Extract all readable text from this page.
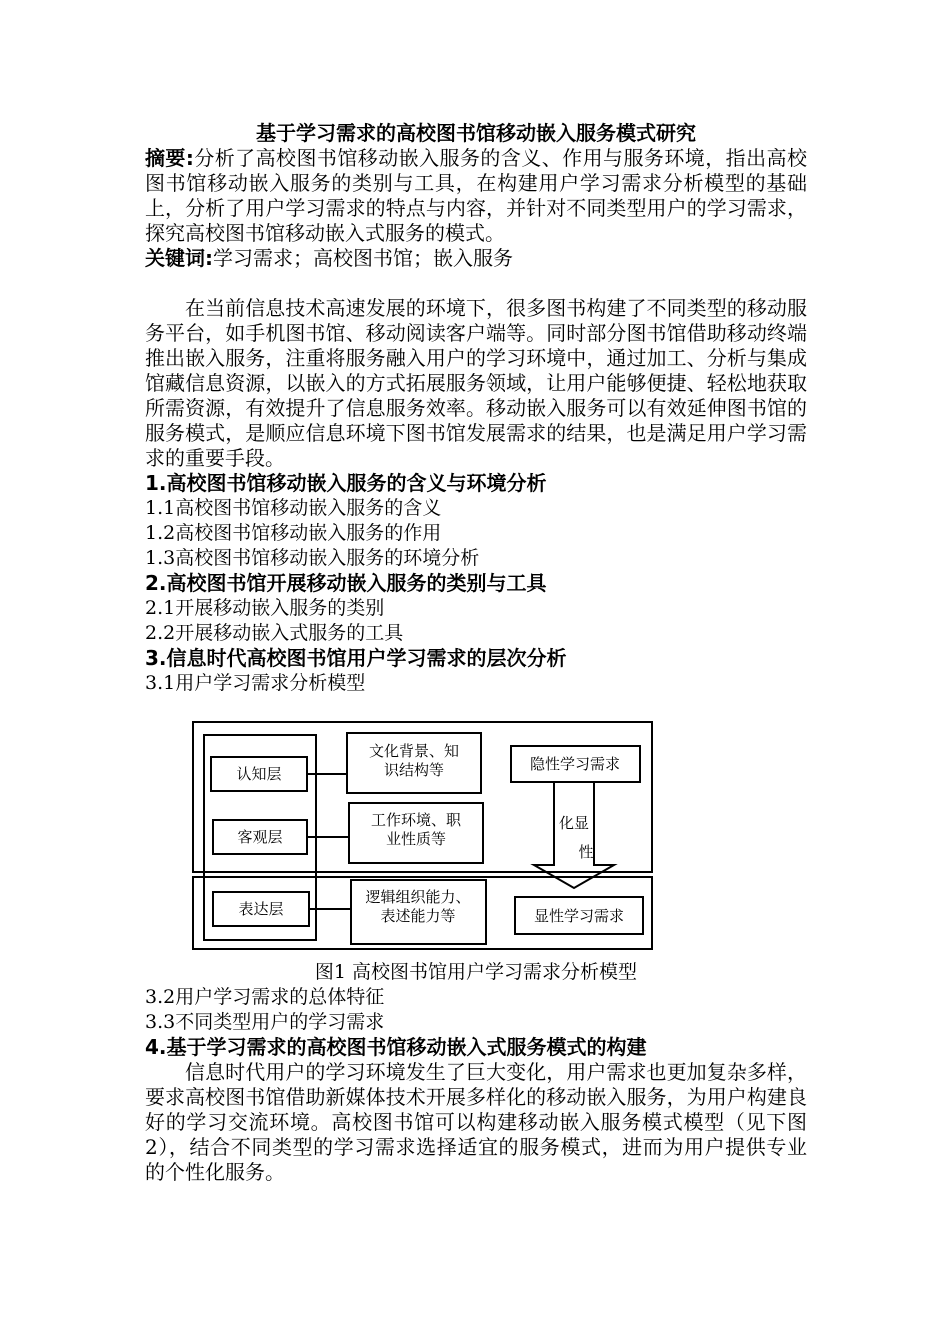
基于学习需求的高校图书馆移动嵌入服务模式研究

摘要:分析了高校图书馆移动嵌入服务的含义、作用与服务环境，指出高校图书馆移动嵌入服务的类别与工具，在构建用户学习需求分析模型的基础上，分析了用户学习需求的特点与内容，并针对不同类型用户的学习需求，探究高校图书馆移动嵌入式服务的模式。

关键词:学习需求；高校图书馆；嵌入服务

在当前信息技术高速发展的环境下，很多图书构建了不同类型的移动服务平台，如手机图书馆、移动阅读客户端等。同时部分图书馆借助移动终端推出嵌入服务，注重将服务融入用户的学习环境中，通过加工、分析与集成馆藏信息资源，以嵌入的方式拓展服务领域，让用户能够便捷、轻松地获取所需资源，有效提升了信息服务效率。移动嵌入服务可以有效延伸图书馆的服务模式，是顺应信息环境下图书馆发展需求的结果，也是满足用户学习需求的重要手段。

1.高校图书馆移动嵌入服务的含义与环境分析
1.1高校图书馆移动嵌入服务的含义
1.2高校图书馆移动嵌入服务的作用
1.3高校图书馆移动嵌入服务的环境分析
2.高校图书馆开展移动嵌入服务的类别与工具
2.1开展移动嵌入服务的类别
2.2开展移动嵌入式服务的工具
3.信息时代高校图书馆用户学习需求的层次分析
3.1用户学习需求分析模型
认知层
客观层
表达层
文化背景、知
识结构等
工作环境、职
业性质等
逻辑组织能力、
表述能力等
隐性学习需求
显性学习需求
化显
性
图1 高校图书馆用户学习需求分析模型
3.2用户学习需求的总体特征
3.3不同类型用户的学习需求
4.基于学习需求的高校图书馆移动嵌入式服务模式的构建

信息时代用户的学习环境发生了巨大变化，用户需求也更加复杂多样，要求高校图书馆借助新媒体技术开展多样化的移动嵌入服务，为用户构建良好的学习交流环境。高校图书馆可以构建移动嵌入服务模式模型（见下图2），结合不同类型的学习需求选择适宜的服务模式，进而为用户提供专业的个性化服务。
